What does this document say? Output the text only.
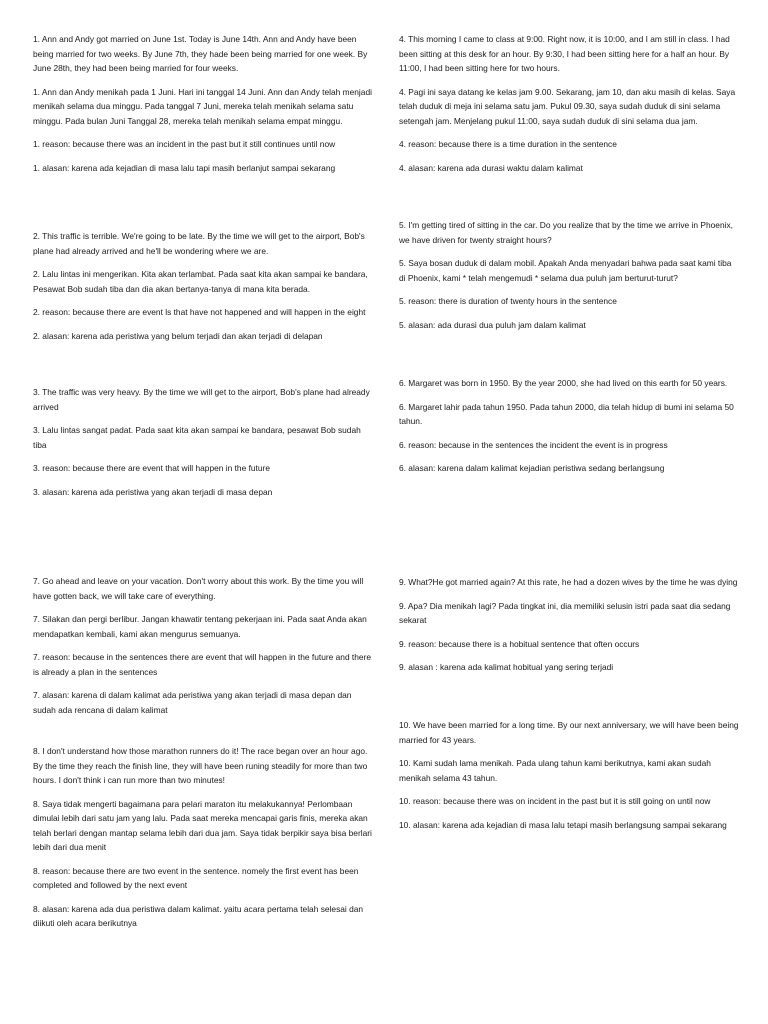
1. Ann and Andy got married on June 1st. Today is June 14th. Ann and Andy have been being married for two weeks. By June 7th, they hade been being married for one week. By June 28th, they had been being married for four weeks.

1. Ann dan Andy menikah pada 1 Juni. Hari ini tanggal 14 Juni. Ann dan Andy telah menjadi menikah selama dua minggu. Pada tanggal 7 Juni, mereka telah menikah selama satu minggu. Pada bulan Juni Tanggal 28, mereka telah menikah selama empat minggu.

1. reason: because there was an incident in the past but it still continues until now

1. alasan: karena ada kejadian di masa lalu tapi masih berlanjut sampai sekarang

2. This traffic is terrible. We're going to be late. By the time we will get to the airport, Bob's plane had already arrived and he'll be wondering where we are.

2. Lalu lintas ini mengerikan. Kita akan terlambat. Pada saat kita akan sampai ke bandara, Pesawat Bob sudah tiba dan dia akan bertanya-tanya di mana kita berada.

2. reason: because there are event ls that have not happened and will happen in the eight

2. alasan: karena ada peristiwa yang belum terjadi dan akan terjadi di delapan

3. The traffic was very heavy. By the time we will get to the airport, Bob's plane had already arrived

3. Lalu lintas sangat padat. Pada saat kita akan sampai ke bandara, pesawat Bob sudah tiba

3. reason: because there are event that will happen in the future

3. alasan: karena ada peristiwa yang akan terjadi di masa depan

7. Go ahead and leave on your vacation. Don't worry about this work. By the time you will have gotten back, we will take care of everything.

7. Silakan dan pergi berlibur. Jangan khawatir tentang pekerjaan ini. Pada saat Anda akan mendapatkan kembali, kami akan mengurus semuanya.

7. reason: because in the sentences there are event that will happen in the future and there is already a plan in the sentences

7. alasan: karena di dalam kalimat ada peristiwa yang akan terjadi di masa depan dan sudah ada rencana di dalam kalimat

8. I don't understand how those marathon runners do it! The race began over an hour ago. By the time they reach the finish line, they will have been runing steadily for more than two hours. I don't think i can run more than two minutes!

8. Saya tidak mengerti bagaimana para pelari maraton itu melakukannya! Perlombaan dimulai lebih dari satu jam yang lalu. Pada saat mereka mencapai garis finis, mereka akan telah berlari dengan mantap selama lebih dari dua jam. Saya tidak berpikir saya bisa berlari lebih dari dua menit

8. reason: because there are two event in the sentence. nomely the first event has been completed and followed by the next event

8. alasan: karena ada dua peristiwa dalam kalimat. yaitu acara pertama telah selesai dan diikuti oleh acara berikutnya

4. This morning I came to class at 9:00. Right now, it is 10:00, and I am still in class. I had been sitting at this desk for an hour. By 9:30, I had been sitting here for a half an hour. By 11:00, I had been sitting here for two hours.

4. Pagi ini saya datang ke kelas jam 9.00. Sekarang, jam 10, dan aku masih di kelas. Saya telah duduk di meja ini selama satu jam. Pukul 09.30, saya sudah duduk di sini selama setengah jam. Menjelang pukul 11:00, saya sudah duduk di sini selama dua jam.

4. reason: because there is a time duration in the sentence

4. alasan: karena ada durasi waktu dalam kalimat

5. I'm getting tired of sitting in the car. Do you realize that by the time we arrive in Phoenix, we have driven for twenty straight hours?

5. Saya bosan duduk di dalam mobil. Apakah Anda menyadari bahwa pada saat kami tiba di Phoenix, kami * telah mengemudi * selama dua puluh jam berturut-turut?

5. reason: there is duration of twenty hours in the sentence

5. alasan: ada durasi dua puluh jam dalam kalimat

6. Margaret was born in 1950. By the year 2000, she had lived on this earth for 50 years.

6. Margaret lahir pada tahun 1950. Pada tahun 2000, dia telah hidup di bumi ini selama 50 tahun.

6. reason: because in the sentences the incident the event is in progress

6. alasan: karena dalam kalimat kejadian peristiwa sedang berlangsung

9. What?He got married again? At this rate, he had a dozen wives by the time he was dying

9. Apa? Dia menikah lagi? Pada tingkat ini, dia memiliki selusin istri pada saat dia sedang sekarat

9. reason: because there is a hobitual sentence that often occurs

9. alasan : karena ada kalimat hobitual yang sering terjadi

10. We have been married for a long time. By our next anniversary, we will have been being married for 43 years.

10. Kami sudah lama menikah. Pada ulang tahun kami berikutnya, kami akan sudah menikah selama 43 tahun.

10. reason: because there was on incident in the past but it is still going on until now

10. alasan: karena ada kejadian di masa lalu tetapi masih berlangsung sampai sekarang
